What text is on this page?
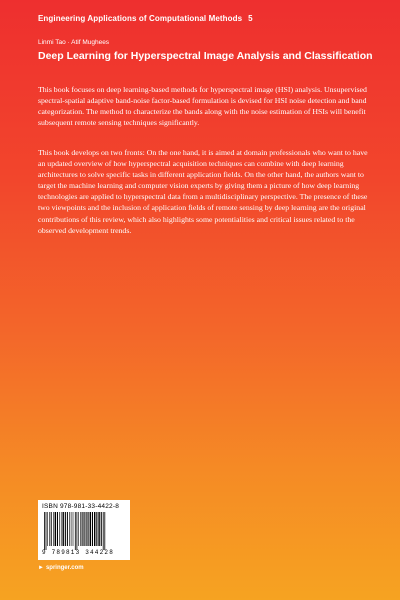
Engineering Applications of Computational Methods 5
Linmi Tao · Atif Mughees
Deep Learning for Hyperspectral Image Analysis and Classification
This book focuses on deep learning-based methods for hyperspectral image (HSI) analysis. Unsupervised spectral-spatial adaptive band-noise factor-based formulation is devised for HSI noise detection and band categorization. The method to characterize the bands along with the noise estimation of HSIs will benefit subsequent remote sensing techniques significantly.
This book develops on two fronts: On the one hand, it is aimed at domain professionals who want to have an updated overview of how hyperspectral acquisition techniques can combine with deep learning architectures to solve specific tasks in different application fields. On the other hand, the authors want to target the machine learning and computer vision experts by giving them a picture of how deep learning technologies are applied to hyperspectral data from a multidisciplinary perspective. The presence of these two viewpoints and the inclusion of application fields of remote sensing by deep learning are the original contributions of this review, which also highlights some potentialities and critical issues related to the observed development trends.
ISBN 978-981-33-4422-8
9 789813 344228
► springer.com
